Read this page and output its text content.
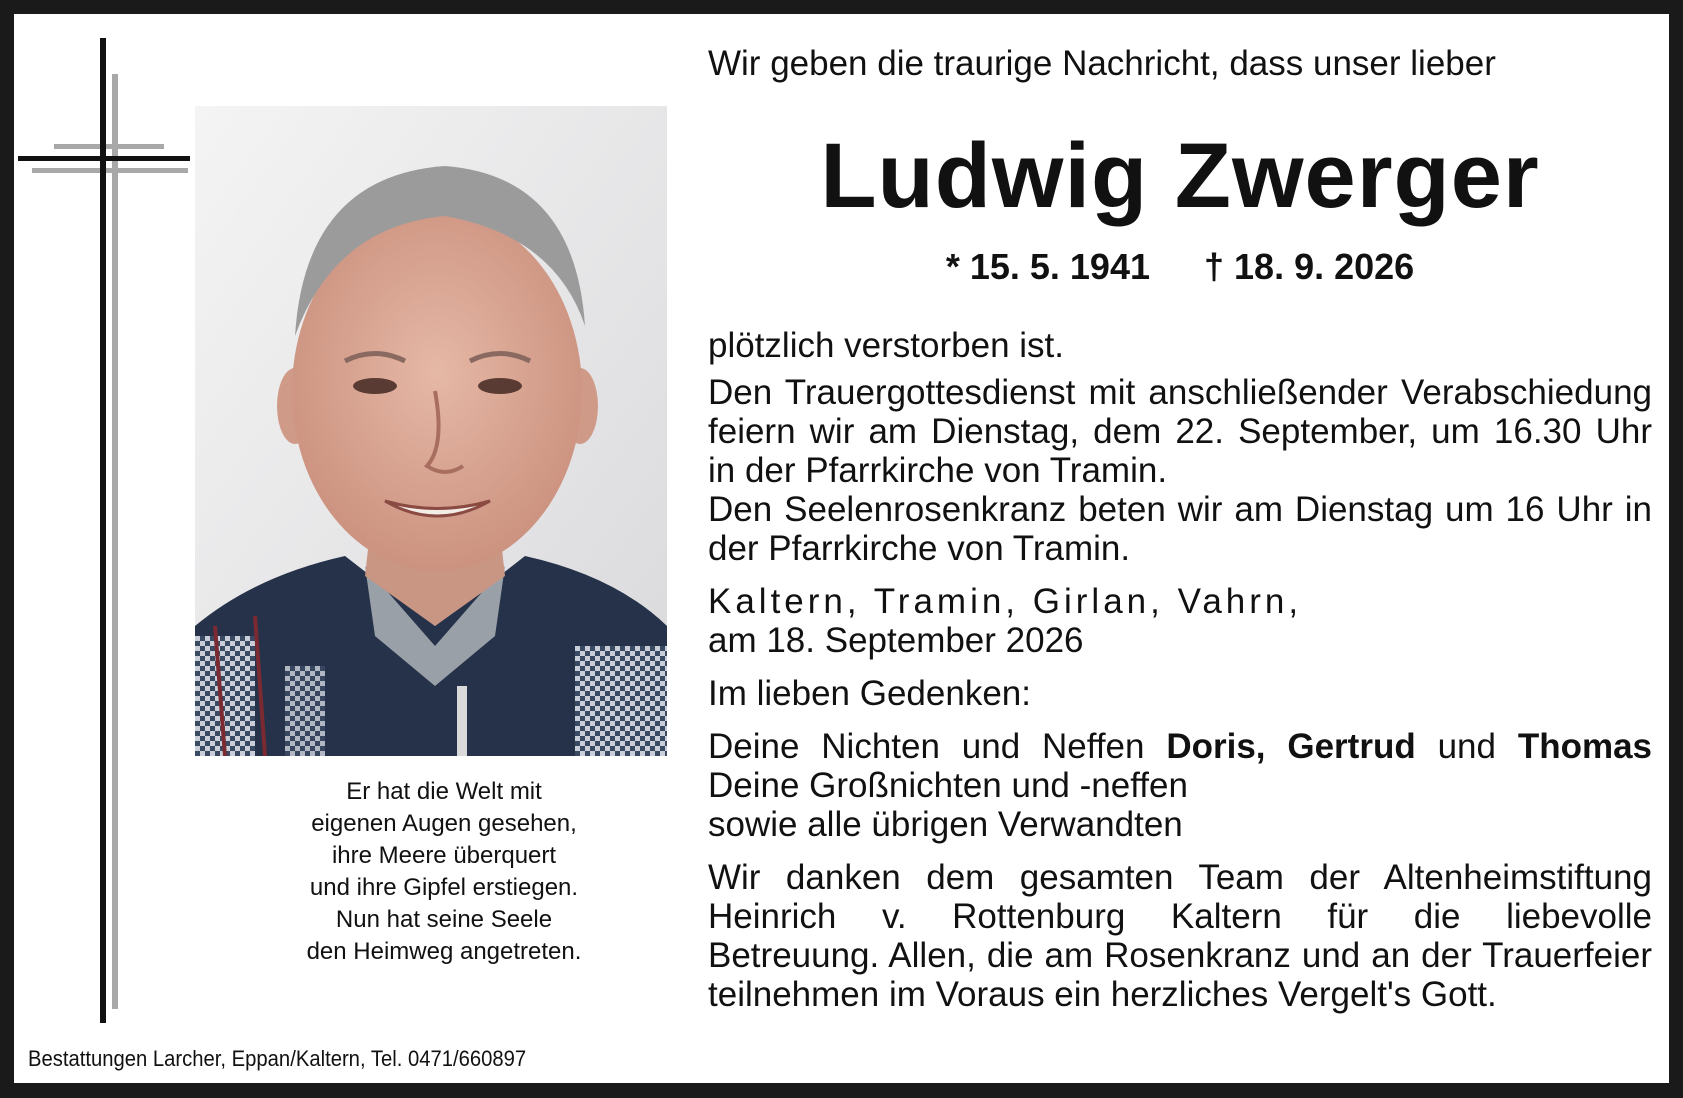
Er hat die Welt mit
eigenen Augen gesehen,
ihre Meere überquert
und ihre Gipfel erstiegen.
Nun hat seine Seele
den Heimweg angetreten.
Bestattungen Larcher, Eppan/Kaltern, Tel. 0471/660897
Wir geben die traurige Nachricht, dass unser lieber
Ludwig Zwerger
* 15. 5. 1941 † 18. 9. 2026

plötzlich verstorben ist.

Den Trauergottesdienst mit anschließender Verabschiedung

feiern wir am Dienstag, dem 22. September, um 16.30 Uhr

in der Pfarrkirche von Tramin.

Den Seelenrosenkranz beten wir am Dienstag um 16 Uhr in

der Pfarrkirche von Tramin.

Kaltern, Tramin, Girlan, Vahrn,

am 18. September 2026

Im lieben Gedenken:

Deine Nichten und Neffen Doris, Gertrud und Thomas

Deine Großnichten und -neffen

sowie alle übrigen Verwandten

Wir danken dem gesamten Team der Altenheimstiftung

Heinrich v. Rottenburg Kaltern für die liebevolle

Betreuung. Allen, die am Rosenkranz und an der Trauerfeier

teilnehmen im Voraus ein herzliches Vergelt's Gott.
